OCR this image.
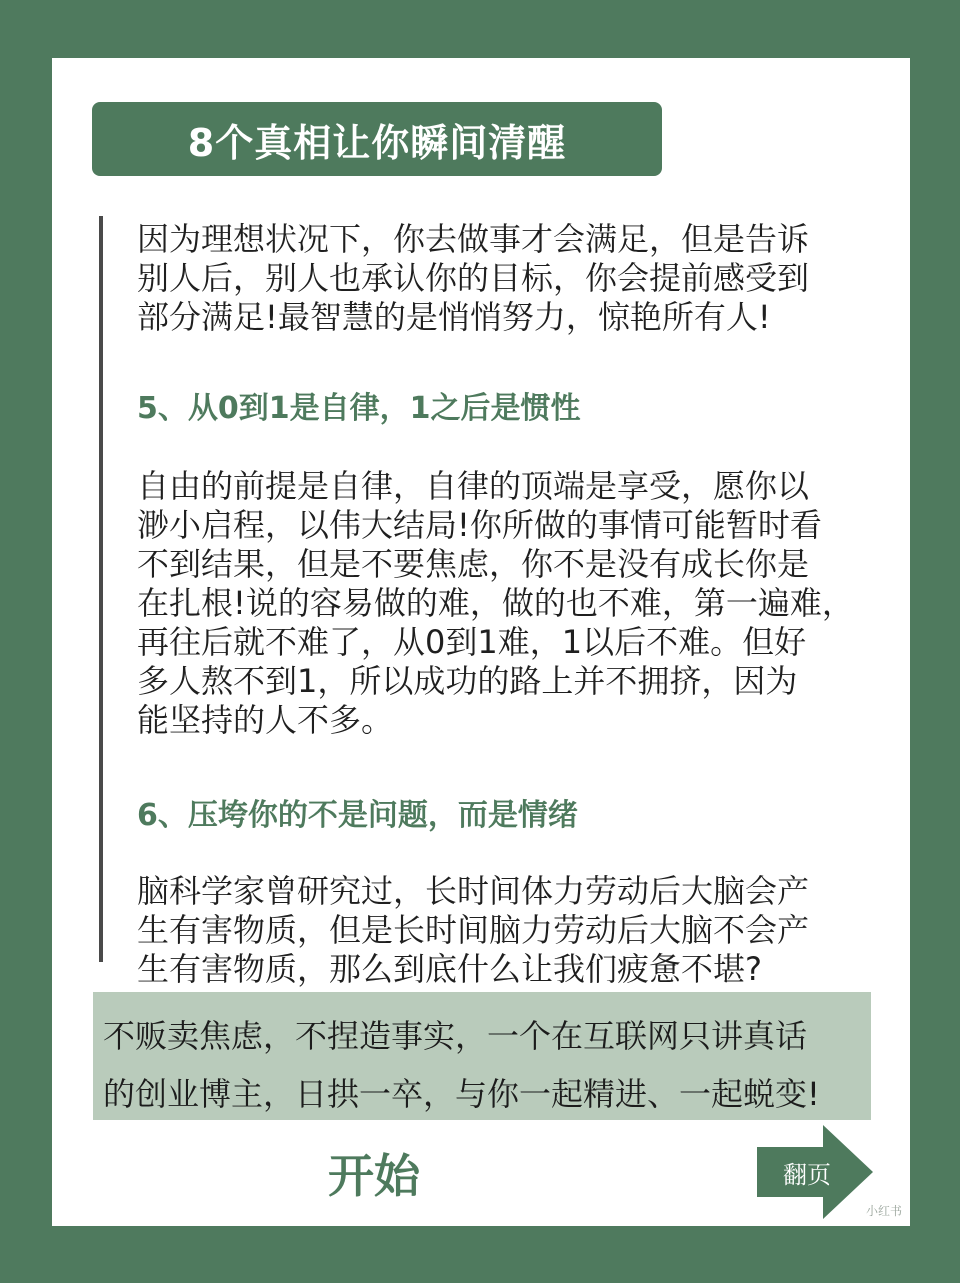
8个真相让你瞬间清醒
因为理想状况下，你去做事才会满足，但是告诉
别人后，别人也承认你的目标，你会提前感受到
部分满足!最智慧的是悄悄努力，惊艳所有人!
5、从0到1是自律，1之后是惯性
自由的前提是自律，自律的顶端是享受，愿你以
渺小启程，以伟大结局!你所做的事情可能暂时看
不到结果，但是不要焦虑，你不是没有成长你是
在扎根!说的容易做的难，做的也不难，第一遍难，
再往后就不难了，从0到1难，1以后不难。但好
多人熬不到1，所以成功的路上并不拥挤，因为
能坚持的人不多。
6、压垮你的不是问题，而是情绪
脑科学家曾研究过，长时间体力劳动后大脑会产
生有害物质，但是长时间脑力劳动后大脑不会产
生有害物质，那么到底什么让我们疲惫不堪?
不贩卖焦虑，不捏造事实，一个在互联网只讲真话
的创业博主，日拱一卒，与你一起精进、一起蜕变!
开始	翻页
小红书
